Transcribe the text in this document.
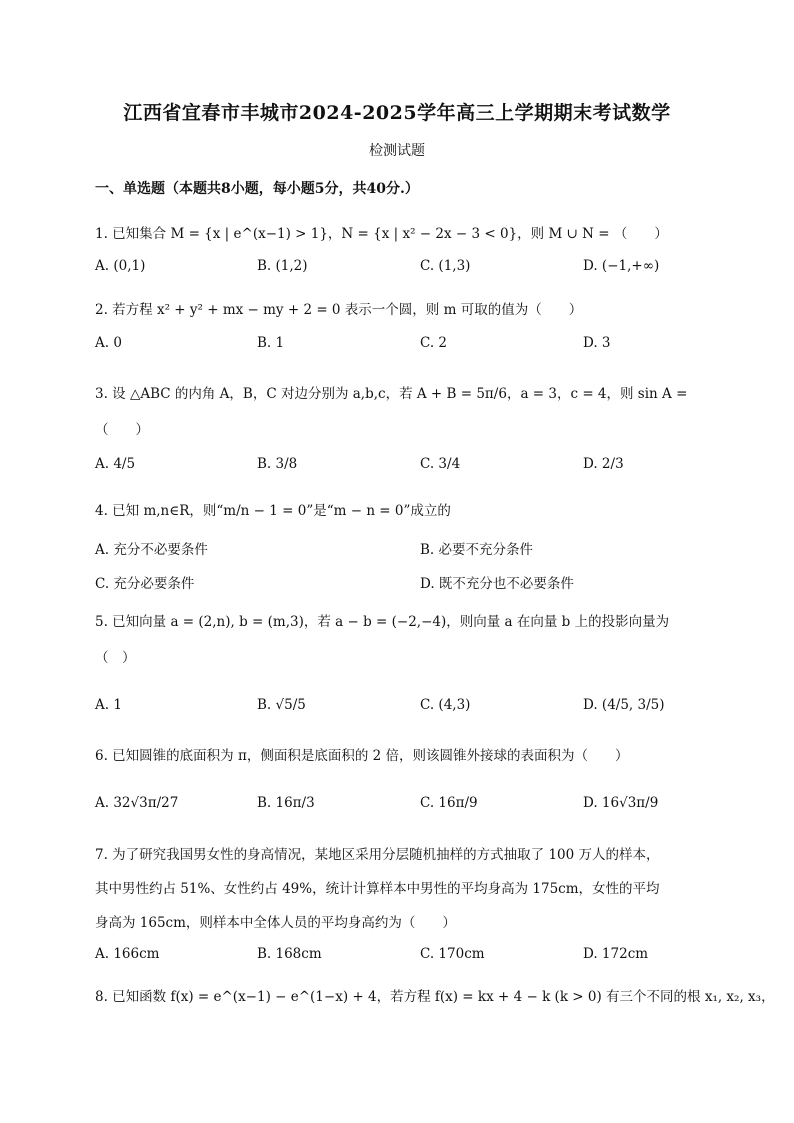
江西省宜春市丰城市2024-2025学年高三上学期期末考试数学
检测试题
一、单选题（本题共8小题，每小题5分，共40分.）
1. 已知集合 M = {x | e^(x−1) > 1}，N = {x | x² − 2x − 3 < 0}，则 M ∪ N = （　　）
A. (0,1)	B. (1,2)	C. (1,3)	D. (−1,+∞)
2. 若方程 x² + y² + mx − my + 2 = 0 表示一个圆，则 m 可取的值为（　　）
A. 0	B. 1	C. 2	D. 3
3. 设 △ABC 的内角 A，B，C 对边分别为 a,b,c，若 A + B = 5π/6，a = 3，c = 4，则 sin A =
（　　）
A. 4/5	B. 3/8	C. 3/4	D. 2/3
4. 已知 m,n∈R，则“m/n − 1 = 0”是“m − n = 0”成立的
A. 充分不必要条件	B. 必要不充分条件
C. 充分必要条件	D. 既不充分也不必要条件
5. 已知向量 a = (2,n), b = (m,3)，若 a − b = (−2,−4)，则向量 a 在向量 b 上的投影向量为
（　）
A. 1	B. √5/5	C. (4,3)	D. (4/5, 3/5)
6. 已知圆锥的底面积为 π，侧面积是底面积的 2 倍，则该圆锥外接球的表面积为（　　）
A. 32√3π/27	B. 16π/3	C. 16π/9	D. 16√3π/9
7. 为了研究我国男女性的身高情况，某地区采用分层随机抽样的方式抽取了 100 万人的样本，
其中男性约占 51%、女性约占 49%，统计计算样本中男性的平均身高为 175cm，女性的平均
身高为 165cm，则样本中全体人员的平均身高约为（　　）
A. 166cm	B. 168cm	C. 170cm	D. 172cm
8. 已知函数 f(x) = e^(x−1) − e^(1−x) + 4，若方程 f(x) = kx + 4 − k (k > 0) 有三个不同的根 x₁, x₂, x₃，
